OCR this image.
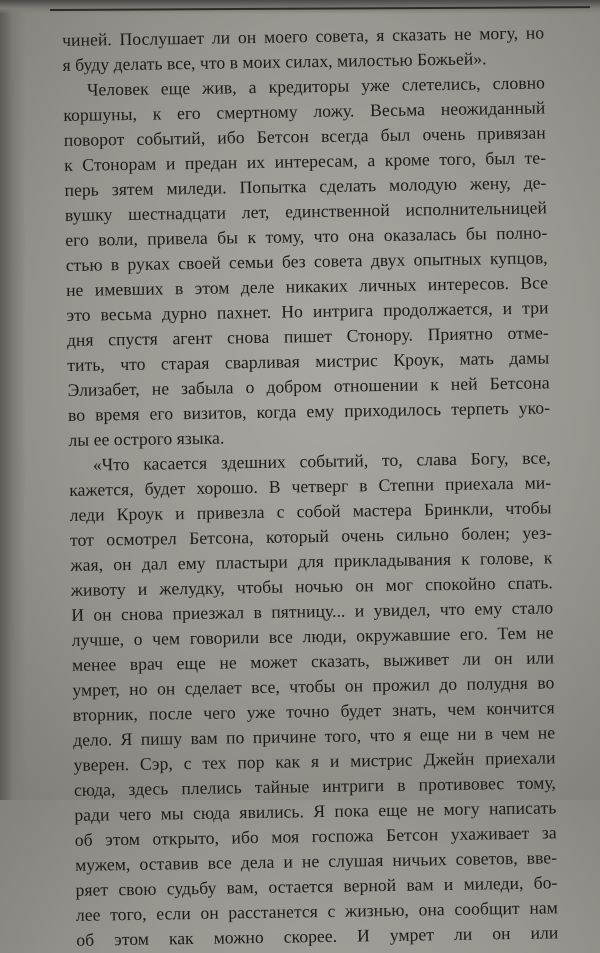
чиней. Послушает ли он моего совета, я сказать не могу, но
я буду делать все, что в моих силах, милостью Божьей».
Человек еще жив, а кредиторы уже слетелись, словно
коршуны, к его смертному ложу. Весьма неожиданный
поворот событий, ибо Бетсон всегда был очень привязан
к Стонорам и предан их интересам, а кроме того, был те-
перь зятем миледи. Попытка сделать молодую жену, де-
вушку шестнадцати лет, единственной исполнительницей
его воли, привела бы к тому, что она оказалась бы полно-
стью в руках своей семьи без совета двух опытных купцов,
не имевших в этом деле никаких личных интересов. Все
это весьма дурно пахнет. Но интрига продолжается, и три
дня спустя агент снова пишет Стонору. Приятно отме-
тить, что старая сварливая мистрис Кроук, мать дамы
Элизабет, не забыла о добром отношении к ней Бетсона
во время его визитов, когда ему приходилось терпеть уко-
лы ее острого языка.
«Что касается здешних событий, то, слава Богу, все,
кажется, будет хорошо. В четверг в Степни приехала ми-
леди Кроук и привезла с собой мастера Бринкли, чтобы
тот осмотрел Бетсона, который очень сильно болен; уез-
жая, он дал ему пластыри для прикладывания к голове, к
животу и желудку, чтобы ночью он мог спокойно спать.
И он снова приезжал в пятницу... и увидел, что ему стало
лучше, о чем говорили все люди, окружавшие его. Тем не
менее врач еще не может сказать, выживет ли он или
умрет, но он сделает все, чтобы он прожил до полудня во
вторник, после чего уже точно будет знать, чем кончится
дело. Я пишу вам по причине того, что я еще ни в чем не
уверен. Сэр, с тех пор как я и мистрис Джейн приехали
сюда, здесь плелись тайные интриги в противовес тому,
ради чего мы сюда явились. Я пока еще не могу написать
об этом открыто, ибо моя госпожа Бетсон ухаживает за
мужем, оставив все дела и не слушая ничьих советов, вве-
ряет свою судьбу вам, остается верной вам и миледи, бо-
лее того, если он расстанется с жизнью, она сообщит нам
об этом как можно скорее. И умрет ли он или
